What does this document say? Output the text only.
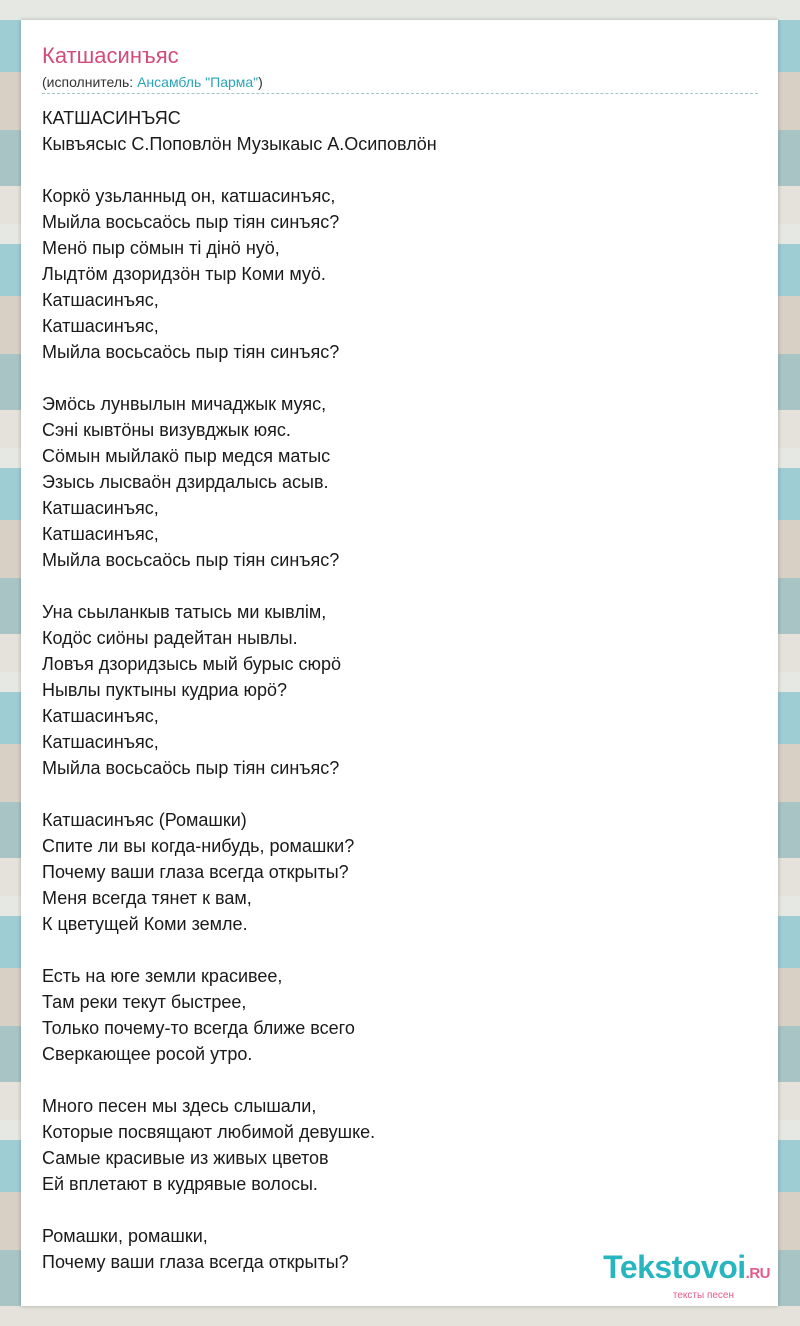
Катшасинъяс
(исполнитель: Ансамбль "Парма")
КАТШАСИНЪЯС
Кывъясыс С.Поповлӧн Музыкаыс А.Осиповлӧн
Коркӧ узьланныд он, катшасинъяс,
Мыйла восьсаӧсь пыр тіян синъяс?
Менӧ пыр сӧмын ті дінӧ нуӧ,
Лыдтӧм дзоридзӧн тыр Коми муӧ.
Катшасинъяс,
Катшасинъяс,
Мыйла восьсаӧсь пыр тіян синъяс?
Эмӧсь лунвылын мичаджык муяс,
Сэні кывтӧны визувджык юяс.
Сӧмын мыйлакӧ пыр медся матыс
Эзысь лысваӧн дзирдалысь асыв.
Катшасинъяс,
Катшасинъяс,
Мыйла восьсаӧсь пыр тіян синъяс?
Уна сьыланкыв татысь ми кывлім,
Кодӧс сиӧны радейтан нывлы.
Ловъя дзоридзысь мый бурыс сюрӧ
Нывлы пуктыны кудриа юрӧ?
Катшасинъяс,
Катшасинъяс,
Мыйла восьсаӧсь пыр тіян синъяс?
Катшасинъяс (Ромашки)
Спите ли вы когда-нибудь, ромашки?
Почему ваши глаза всегда открыты?
Меня всегда тянет к вам,
К цветущей Коми земле.
Есть на юге земли красивее,
Там реки текут быстрее,
Только почему-то всегда ближе всего
Сверкающее росой утро.
Много песен мы здесь слышали,
Которые посвящают любимой девушке.
Самые красивые из живых цветов
Ей вплетают в кудрявые волосы.
Ромашки, ромашки,
Почему ваши глаза всегда открыты?	Tekstovoi.RU
тексты песен
